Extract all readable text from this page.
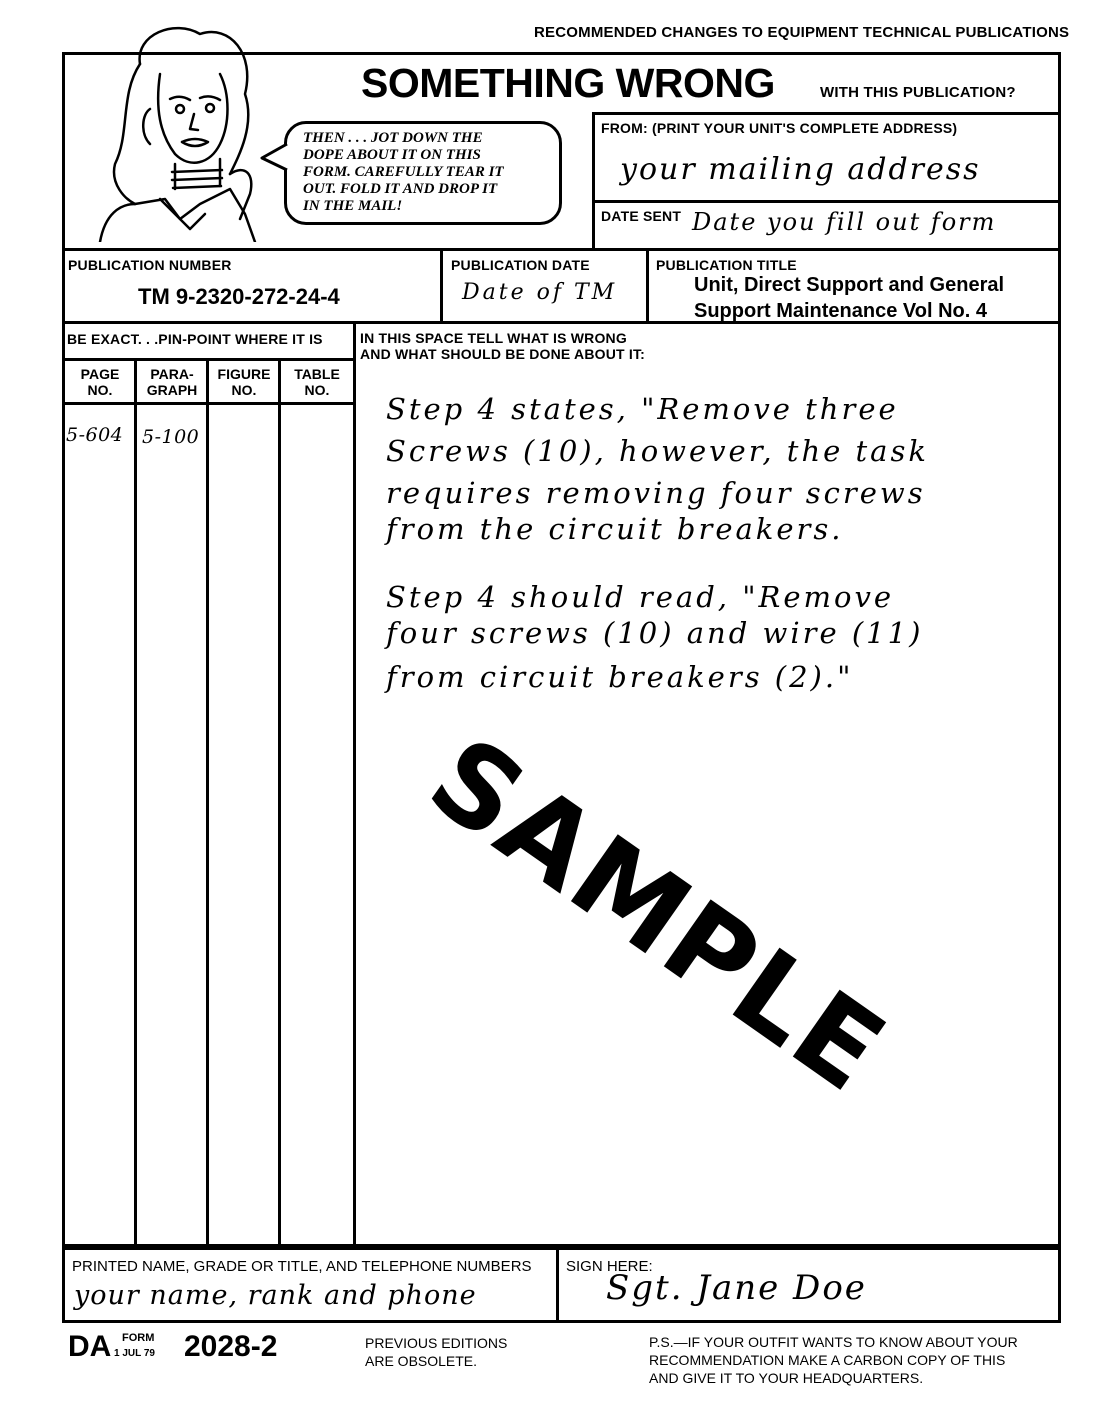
RECOMMENDED CHANGES TO EQUIPMENT TECHNICAL PUBLICATIONS
SOMETHING WRONG	WITH THIS PUBLICATION?
THEN . . . JOT DOWN THE
DOPE ABOUT IT ON THIS
FORM. CAREFULLY TEAR IT
OUT. FOLD IT AND DROP IT
IN THE MAIL!
FROM: (PRINT YOUR UNIT'S COMPLETE ADDRESS)
your mailing address
DATE SENT Date you fill out form
PUBLICATION NUMBER
TM 9-2320-272-24-4
PUBLICATION DATE
Date of TM
PUBLICATION TITLE
Unit, Direct Support and General
Support Maintenance Vol No. 4
BE EXACT. . .PIN-POINT WHERE IT IS
PAGE
NO.
PARA-
GRAPH
FIGURE
NO.
TABLE
NO.
5-604 5-100
IN THIS SPACE TELL WHAT IS WRONG
AND WHAT SHOULD BE DONE ABOUT IT:
Step 4 states, "Remove three
Screws (10), however, the task
requires removing four screws
from the circuit breakers.
Step 4 should read, "Remove
four screws (10) and wire (11)
from circuit breakers (2)."
SAMPLE
PRINTED NAME, GRADE OR TITLE, AND TELEPHONE NUMBERS
your name, rank and phone
SIGN HERE:
Sgt. Jane Doe
DA FORM
1 JUL 79 2028-2	PREVIOUS EDITIONS
ARE OBSOLETE.
P.S.—IF YOUR OUTFIT WANTS TO KNOW ABOUT YOUR
RECOMMENDATION MAKE A CARBON COPY OF THIS
AND GIVE IT TO YOUR HEADQUARTERS.
